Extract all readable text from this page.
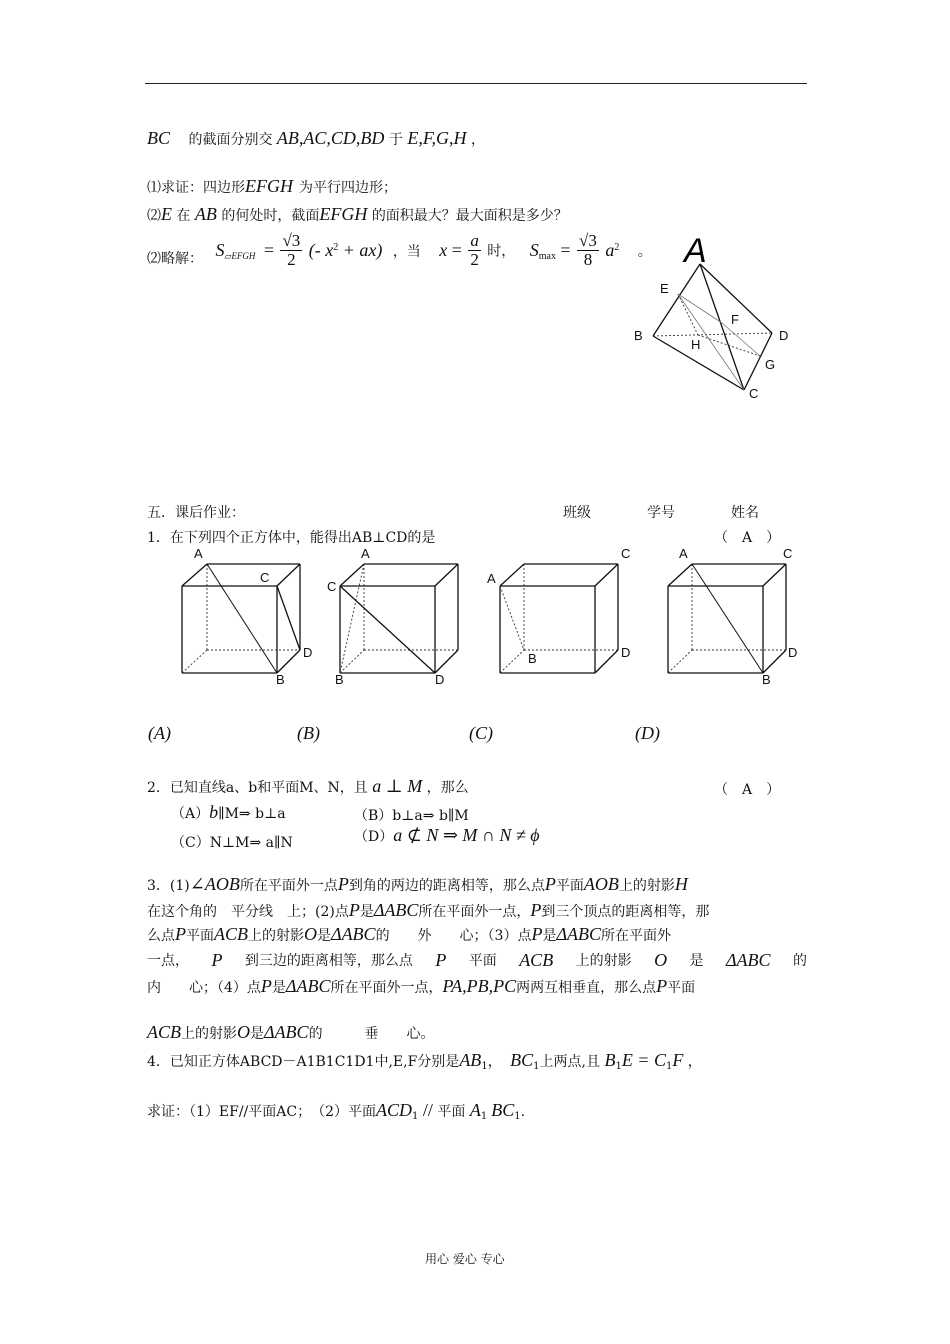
BC 的截面分别交 AB,AC,CD,BD 于 E,F,G,H ，
⑴求证：四边形EFGH 为平行四边形；
⑵E 在 AB 的何处时，截面EFGH 的面积最大？最大面积是多少？
⑵略解： $S_{▱EFGH} = \frac{√3}{2}$ (- $x^2 + ax$) ，当 $x = \frac{a}{2}$ 时， $S_{max} = \frac{√3}{8} a^2$ 。 A
E
F
B
H
D
G
C
五．课后作业：	班级	学号	姓名
1．在下列四个正方体中，能得出AB⊥CD的是	（　A　）
A
C
D
B
A
C
B	D
A
C
B	D
A	C
D
B
(A)	(B)	(C)	(D)
2．已知直线a、b和平面M、N，且 a ⊥ M ，那么	（　A　）
（A）b∥M⇒ b⊥a	（B）b⊥a⇒ b∥M
（C）N⊥M⇒ a∥N	（D）a ⊄ N ⇒ M ∩ N ≠ ϕ
3．(1)∠AOB所在平面外一点P到角的两边的距离相等，那么点P平面AOB上的射影H
在这个角的　平分线　上；(2)点P是ΔABC所在平面外一点，P到三个顶点的距离相等，那
么点P平面ACB上的射影O是ΔABC的　　外　　心；（3）点P是ΔABC所在平面外
一点， P 到三边的距离相等，那么点 P 平面 ACB 上的射影 O 是 ΔABC 的
内　　心；（4）点P是ΔABC所在平面外一点，PA,PB,PC两两互相垂直，那么点P平面
ACB上的射影O是ΔABC的　　　垂　　心。
4．已知正方体ABCD－A1B1C1D1中,E,F分别是$AB_1$， $BC_1$上两点,且 $B_1E = C_1F$ ，
求证：（1）EF//平面AC；　（2）平面$ACD_1$ // 平面 $A_1$ $BC_1$.
用心 爱心 专心
